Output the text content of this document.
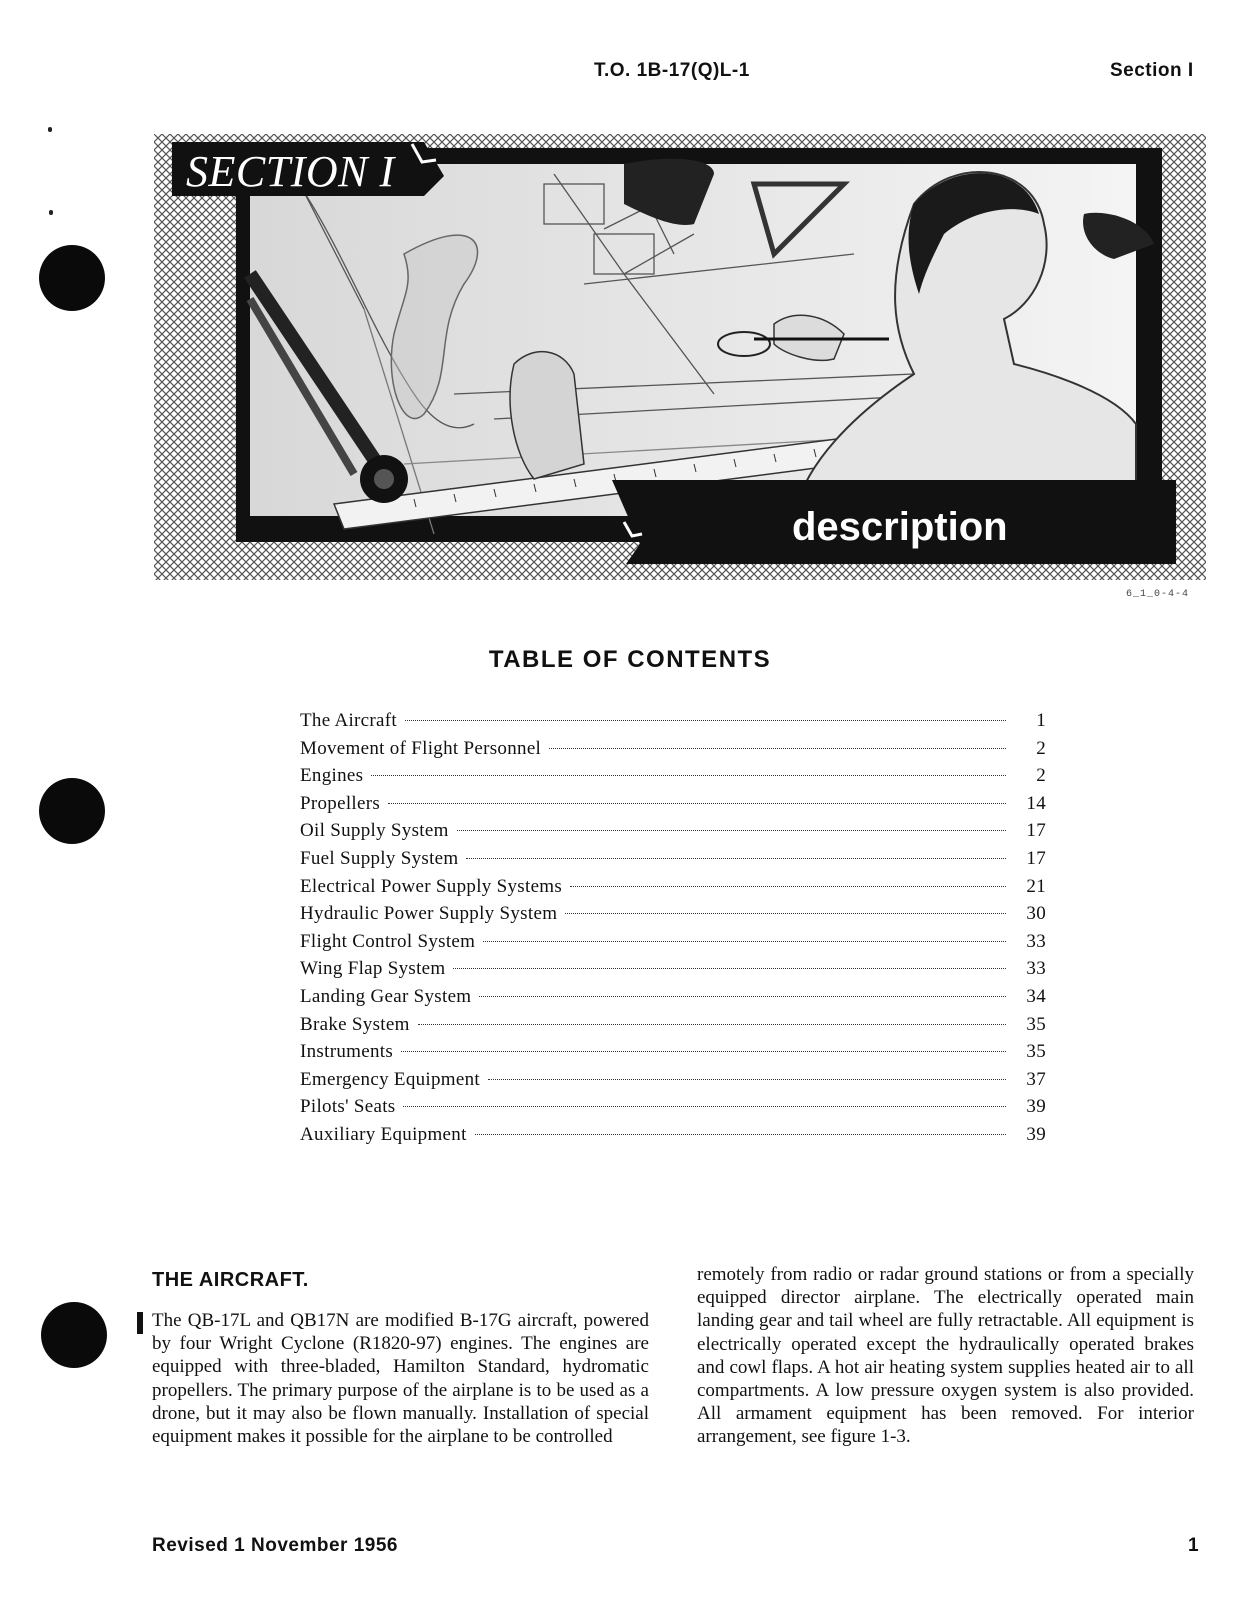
T.O. 1B-17(Q)L-1	Section I
SECTION I
description
6_1_0-4-4
TABLE OF CONTENTS
The Aircraft	1
Movement of Flight Personnel	2
Engines	2
Propellers	14
Oil Supply System	17
Fuel Supply System	17
Electrical Power Supply Systems	21
Hydraulic Power Supply System	30
Flight Control System	33
Wing Flap System	33
Landing Gear System	34
Brake System	35
Instruments	35
Emergency Equipment	37
Pilots' Seats	39
Auxiliary Equipment	39
THE AIRCRAFT.

The QB-17L and QB17N are modified B-17G aircraft, powered by four Wright Cyclone (R1820-97) engines. The engines are equipped with three-bladed, Hamilton Standard, hydromatic propellers. The primary purpose of the airplane is to be used as a drone, but it may also be flown manually. Installation of special equipment makes it possible for the airplane to be controlled

remotely from radio or radar ground stations or from a specially equipped director airplane. The electrically operated main landing gear and tail wheel are fully retractable. All equipment is electrically operated except the hydraulically operated brakes and cowl flaps. A hot air heating system supplies heated air to all compartments. A low pressure oxygen system is also provided. All armament equipment has been removed. For interior arrangement, see figure 1-3.

Revised 1 November 1956	1
